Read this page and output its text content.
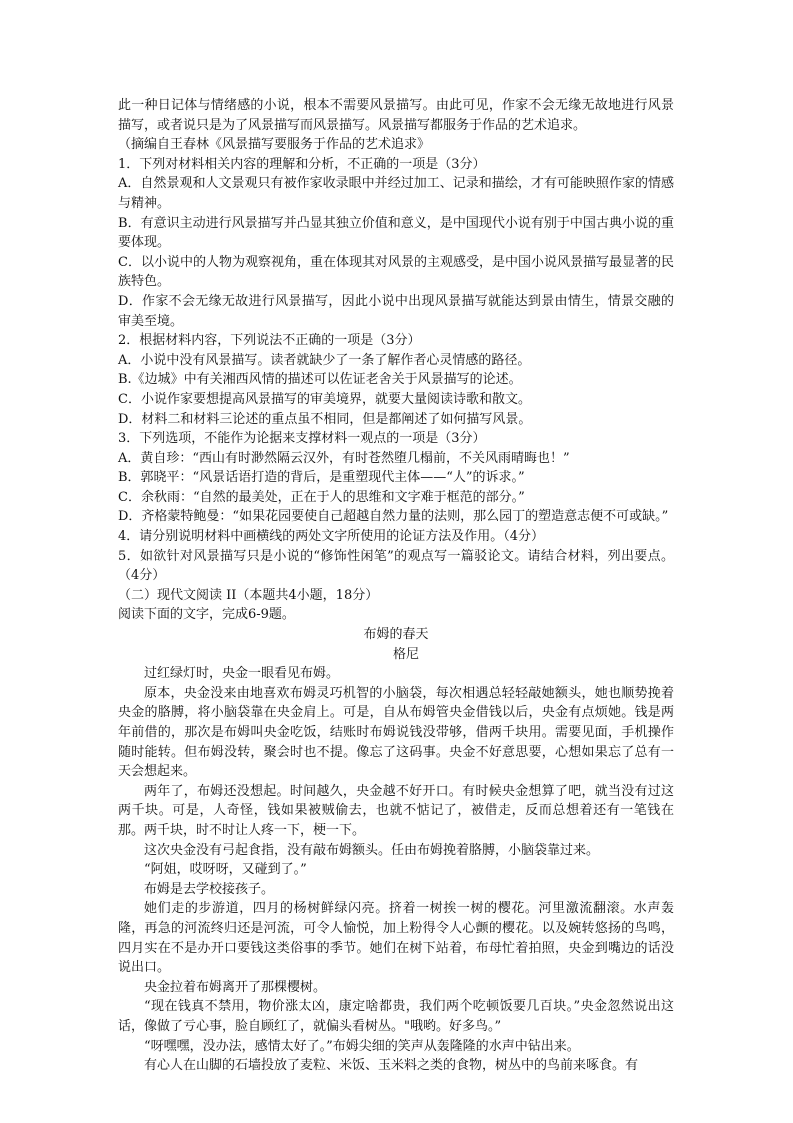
此一种日记体与情绪感的小说，根本不需要风景描写。由此可见，作家不会无缘无故地进行风景描写，或者说只是为了风景描写而风景描写。风景描写都服务于作品的艺术追求。

（摘编自王春林《风景描写要服务于作品的艺术追求》

1．下列对材料相关内容的理解和分析，不正确的一项是（3分）

A．自然景观和人文景观只有被作家收录眼中并经过加工、记录和描绘，才有可能映照作家的情感与精神。

B．有意识主动进行风景描写并凸显其独立价值和意义，是中国现代小说有别于中国古典小说的重要体现。

C．以小说中的人物为观察视角，重在体现其对风景的主观感受，是中国小说风景描写最显著的民族特色。

D．作家不会无缘无故进行风景描写，因此小说中出现风景描写就能达到景由情生，情景交融的审美至境。

2．根据材料内容，下列说法不正确的一项是（3分）

A．小说中没有风景描写。读者就缺少了一条了解作者心灵情感的路径。

B.《边城》中有关湘西风情的描述可以佐证老舍关于风景描写的论述。

C．小说作家要想提高风景描写的审美境界，就要大量阅读诗歌和散文。

D．材料二和材料三论述的重点虽不相同，但是都阐述了如何描写风景。

3．下列选项，不能作为论据来支撑材料一观点的一项是（3分）

A．黄自珍：“西山有时渺然隔云汉外，有时苍然堕几榻前，不关风雨晴晦也！”

B．郭晓平：“风景话语打造的背后，是重塑现代主体——“人”的诉求。”

C．余秋雨：“自然的最美处，正在于人的思维和文字难于框范的部分。”

D．齐格蒙特鲍曼：“如果花园要使自己超越自然力量的法则，那么园丁的塑造意志便不可或缺。”

4．请分别说明材料中画横线的两处文字所使用的论证方法及作用。（4分）

5．如欲针对风景描写只是小说的“修饰性闲笔”的观点写一篇驳论文。请结合材料，列出要点。（4分）

（二）现代文阅读 II（本题共4小题，18分）

阅读下面的文字，完成6-9题。

布姆的春天

格尼

过红绿灯时，央金一眼看见布姆。

原本，央金没来由地喜欢布姆灵巧机智的小脑袋，每次相遇总轻轻敲她额头，她也顺势挽着央金的胳膊，将小脑袋靠在央金肩上。可是，自从布姆管央金借钱以后，央金有点烦她。钱是两年前借的，那次是布姆叫央金吃饭，结账时布姆说钱没带够，借两千块用。需要见面，手机操作随时能转。但布姆没转，聚会时也不提。像忘了这码事。央金不好意思要，心想如果忘了总有一天会想起来。

两年了，布姆还没想起。时间越久，央金越不好开口。有时候央金想算了吧，就当没有过这两千块。可是，人奇怪，钱如果被贼偷去，也就不惦记了，被借走，反而总想着还有一笔钱在那。两千块，时不时让人疼一下，梗一下。

这次央金没有弓起食指，没有敲布姆额头。任由布姆挽着胳膊，小脑袋靠过来。

“阿姐，哎呀呀，又碰到了。”

布姆是去学校接孩子。

她们走的步游道，四月的杨树鲜绿闪亮。挤着一树挨一树的樱花。河里激流翻滚。水声轰隆，再急的河流终归还是河流，可令人愉悦，加上粉得令人心颤的樱花。以及婉转悠扬的鸟鸣，四月实在不是办开口要钱这类俗事的季节。她们在树下站着，布母忙着拍照，央金到嘴边的话没说出口。

央金拉着布姆离开了那棵樱树。

“现在钱真不禁用，物价涨太凶，康定啥都贵，我们两个吃顿饭要几百块。”央金忽然说出这话，像做了亏心事，脸自顾红了，就偏头看树丛。"哦哟。好多鸟。”

“呀嘿嘿，没办法，感情太好了。”布姆尖细的笑声从轰隆隆的水声中钻出来。

有心人在山脚的石墙投放了麦粒、米饭、玉米料之类的食物，树丛中的鸟前来啄食。有
